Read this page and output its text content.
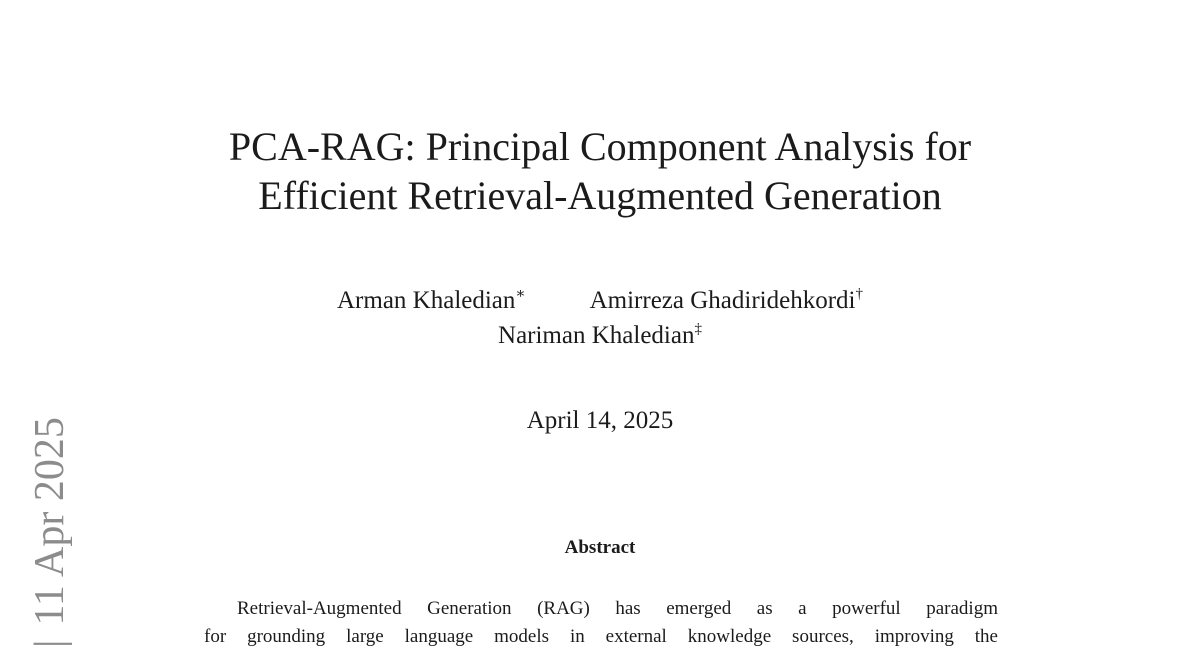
PCA-RAG: Principal Component Analysis for
Efficient Retrieval-Augmented Generation
Arman Khaledian∗	Amirreza Ghadiridehkordi†
Nariman Khaledian‡
April 14, 2025
Abstract
Retrieval-Augmented Generation (RAG) has emerged as a powerful paradigm
for grounding large language models in external knowledge sources, improving the
|11 Apr 2025
